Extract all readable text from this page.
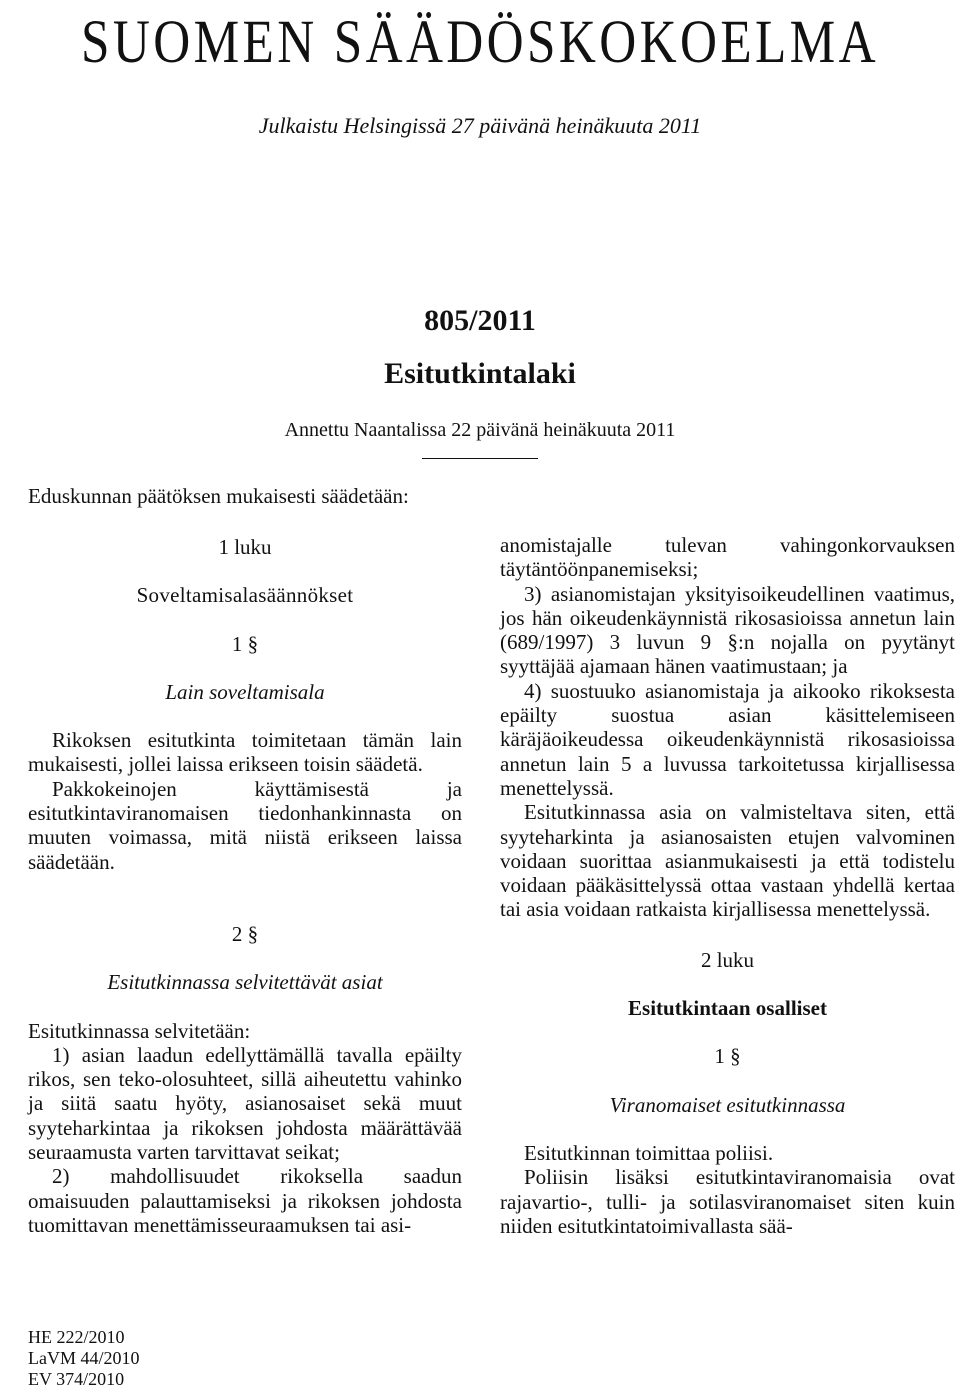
SUOMEN SÄÄDÖSKOKOELMA
Julkaistu Helsingissä 27 päivänä heinäkuuta 2011
805/2011
Esitutkintalaki
Annettu Naantalissa 22 päivänä heinäkuuta 2011
Eduskunnan päätöksen mukaisesti säädetään:

1 luku

Soveltamisalasäännökset

1 §

Lain soveltamisala

Rikoksen esitutkinta toimitetaan tämän lain mukaisesti, jollei laissa erikseen toisin säädetä.

Pakkokeinojen käyttämisestä ja esitutkintaviranomaisen tiedonhankinnasta on muuten voimassa, mitä niistä erikseen laissa säädetään.

2 §

Esitutkinnassa selvitettävät asiat

Esitutkinnassa selvitetään:

1) asian laadun edellyttämällä tavalla epäilty rikos, sen teko-olosuhteet, sillä aiheutettu vahinko ja siitä saatu hyöty, asianosaiset sekä muut syyteharkintaa ja rikoksen johdosta määrättävää seuraamusta varten tarvittavat seikat;

2) mahdollisuudet rikoksella saadun omaisuuden palauttamiseksi ja rikoksen johdosta tuomittavan menettämisseuraamuksen tai asi-

anomistajalle tulevan vahingonkorvauksen täytäntöönpanemiseksi;

3) asianomistajan yksityisoikeudellinen vaatimus, jos hän oikeudenkäynnistä rikosasioissa annetun lain (689/1997) 3 luvun 9 §:n nojalla on pyytänyt syyttäjää ajamaan hänen vaatimustaan; ja

4) suostuuko asianomistaja ja aikooko rikoksesta epäilty suostua asian käsittelemiseen käräjäoikeudessa oikeudenkäynnistä rikosasioissa annetun lain 5 a luvussa tarkoitetussa kirjallisessa menettelyssä.

Esitutkinnassa asia on valmisteltava siten, että syyteharkinta ja asianosaisten etujen valvominen voidaan suorittaa asianmukaisesti ja että todistelu voidaan pääkäsittelyssä ottaa vastaan yhdellä kertaa tai asia voidaan ratkaista kirjallisessa menettelyssä.

2 luku

Esitutkintaan osalliset

1 §

Viranomaiset esitutkinnassa

Esitutkinnan toimittaa poliisi.

Poliisin lisäksi esitutkintaviranomaisia ovat rajavartio-, tulli- ja sotilasviranomaiset siten kuin niiden esitutkintatoimivallasta sää-

HE 222/2010
LaVM 44/2010
EV 374/2010
